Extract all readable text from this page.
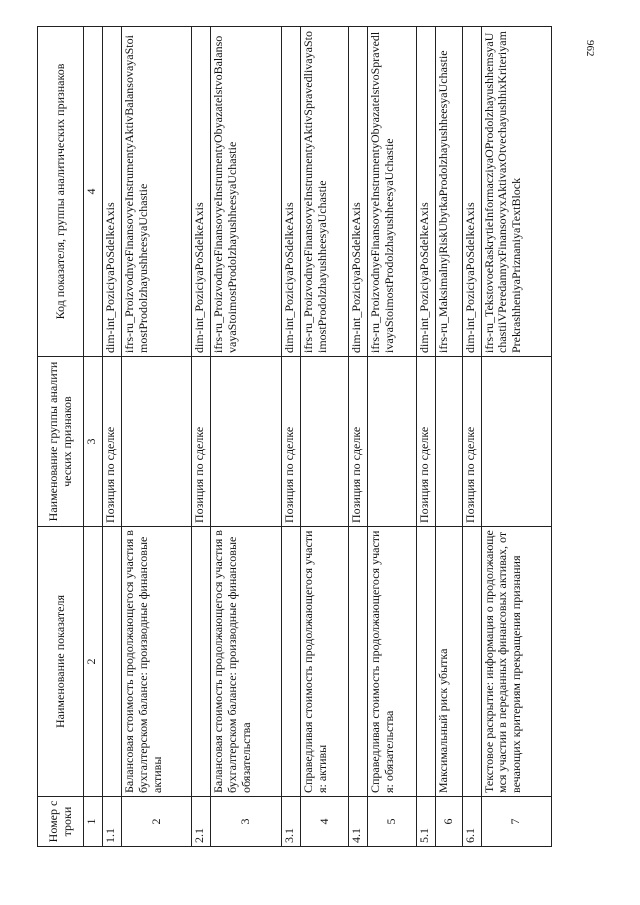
962
Номер строки	Наименование показателя	Наименование группы аналитических признаков	Код показателя, группы аналитических признаков
1	2	3	4
1.1		Позиция по сделке	dim-int_PoziciyaPoSdelkeAxis
2	Балансовая стоимость продолжающегося участия в бухгалтерском балансе: производные финансовые активы		ifrs-ru_ProizvodnyeFinansovyeInstrumentyAktivBalansovayaStoimostProdolzhayushheesyaUchastie
2.1		Позиция по сделке	dim-int_PoziciyaPoSdelkeAxis
3	Балансовая стоимость продолжающегося участия в бухгалтерском балансе: производные финансовые обязательства		ifrs-ru_ProizvodnyeFinansovyeInstrumentyObyazatelstvoBalansovayaStoimostProdolzhayushheesyaUchastie
3.1		Позиция по сделке	dim-int_PoziciyaPoSdelkeAxis
4	Справедливая стоимость продолжающегося участия: активы		ifrs-ru_ProizvodnyeFinansovyeInstrumentyAktivSpravedlivayaStoimostProdolzhayushheesyaUchastie
4.1		Позиция по сделке	dim-int_PoziciyaPoSdelkeAxis
5	Справедливая стоимость продолжающегося участия: обязательства		ifrs-ru_ProizvodnyeFinansovyeInstrumentyObyazatelstvoSpravedlivayaStoimostProdolzhayushheesyaUchastie
5.1		Позиция по сделке	dim-int_PoziciyaPoSdelkeAxis
6	Максимальный риск убытка		ifrs-ru_MaksimalnyjRiskUbytkaProdolzhayushheesyaUchastie
6.1		Позиция по сделке	dim-int_PoziciyaPoSdelkeAxis
7	Текстовое раскрытие: информация о продолжающемся участии в переданных финансовых активах, отвечающих критериям прекращения признания		ifrs-ru_TekstovoeRaskrytieInformacziyaOProdolzhayushhemsyaUchastiiVPeredannyxFinansovyxAktivaxOtvechayushhixKriteriyamPrekrashheniyaPriznaniyaTextBlock
